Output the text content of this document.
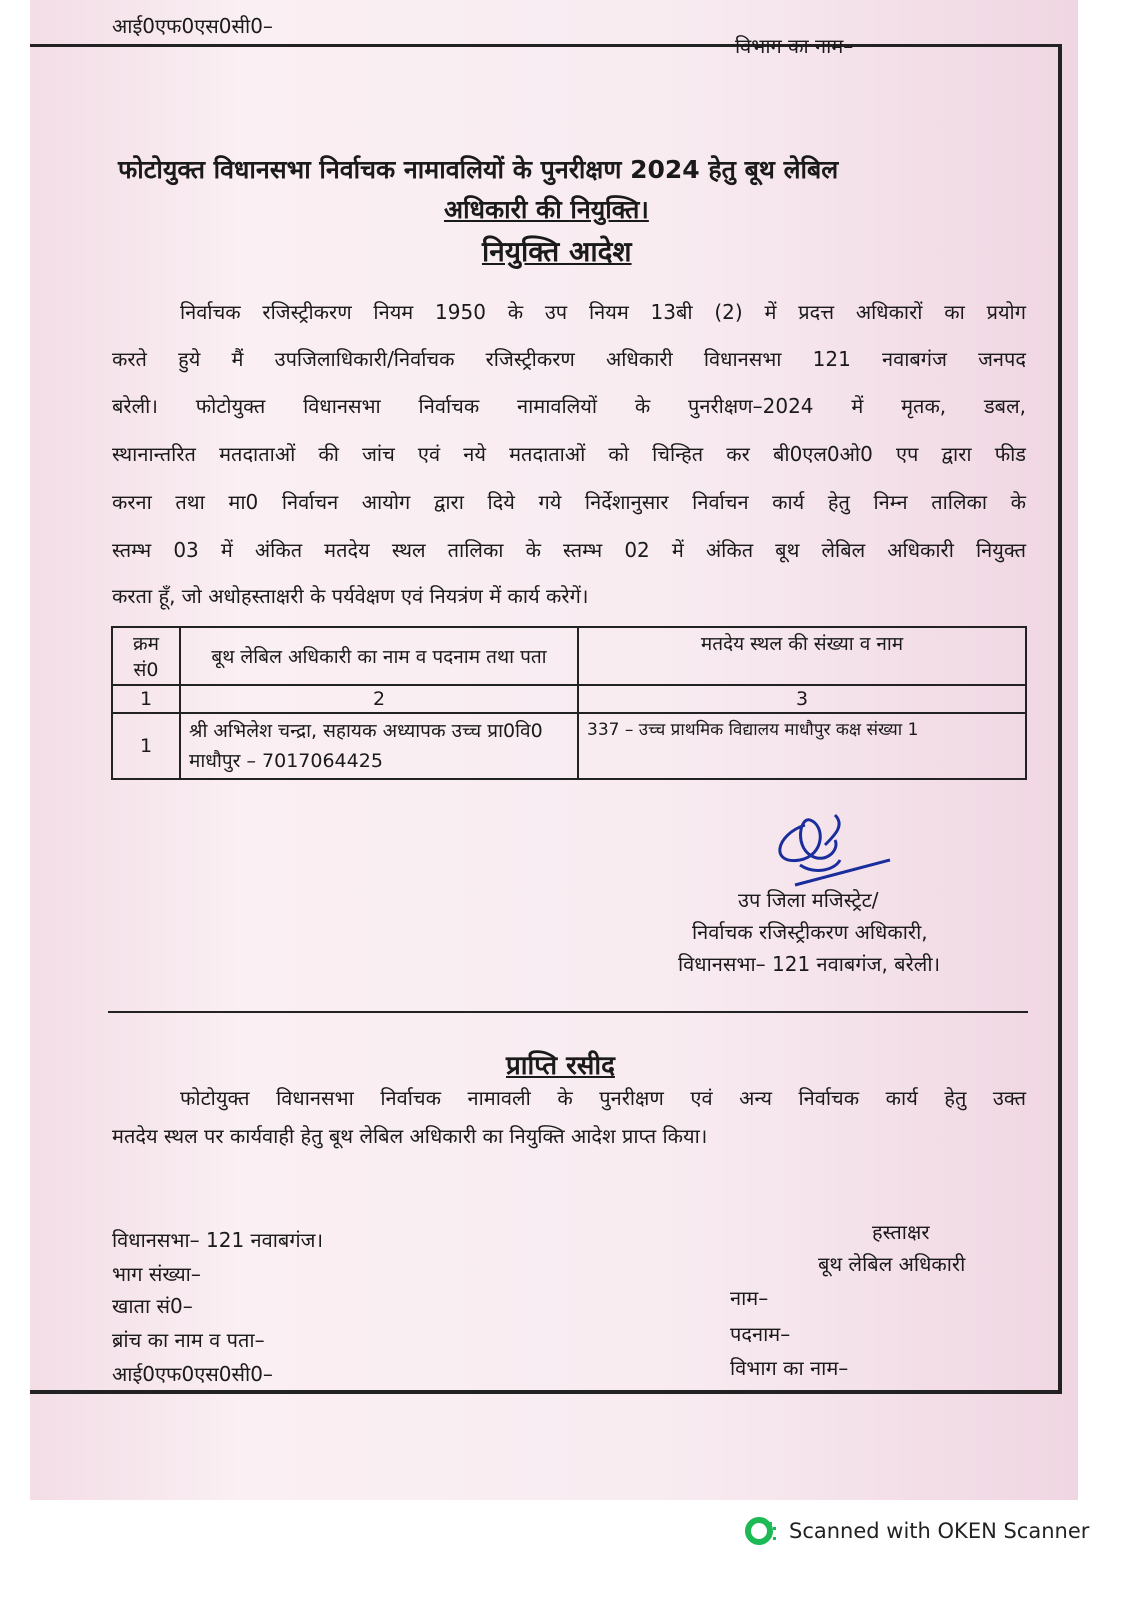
आई0एफ0एस0सी0–
विभाग का नाम–
फोटोयुक्त विधानसभा निर्वाचक नामावलियों के पुनरीक्षण 2024 हेतु बूथ लेबिल
अधिकारी की नियुक्ति।
नियुक्ति आदेश
निर्वाचक रजिस्ट्रीकरण नियम 1950 के उप नियम 13बी (2) में प्रदत्त अधिकारों का प्रयोग
करते हुये मैं उपजिलाधिकारी/निर्वाचक रजिस्ट्रीकरण अधिकारी विधानसभा 121 नवाबगंज जनपद
बरेली। फोटोयुक्त विधानसभा निर्वाचक नामावलियों के पुनरीक्षण–2024 में मृतक, डबल,
स्थानान्तरित मतदाताओं की जांच एवं नये मतदाताओं को चिन्हित कर बी0एल0ओ0 एप द्वारा फीड
करना तथा मा0 निर्वाचन आयोग द्वारा दिये गये निर्देशानुसार निर्वाचन कार्य हेतु निम्न तालिका के
स्तम्भ 03 में अंकित मतदेय स्थल तालिका के स्तम्भ 02 में अंकित बूथ लेबिल अधिकारी नियुक्त
करता हूँ, जो अधोहस्ताक्षरी के पर्यवेक्षण एवं नियत्रंण में कार्य करेगें।
क्रम सं0	बूथ लेबिल अधिकारी का नाम व पदनाम तथा पता	मतदेय स्थल की संख्या व नाम
1	2	3
1	श्री अभिलेश चन्द्रा, सहायक अध्यापक उच्च प्रा0वि0 माधौपुर – 7017064425	337 – उच्च प्राथमिक विद्यालय माधौपुर कक्ष संख्या 1
उप जिला मजिस्ट्रेट/
निर्वाचक रजिस्ट्रीकरण अधिकारी,
विधानसभा– 121 नवाबगंज, बरेली।
प्राप्ति रसीद
फोटोयुक्त विधानसभा निर्वाचक नामावली के पुनरीक्षण एवं अन्य निर्वाचक कार्य हेतु उक्त
मतदेय स्थल पर कार्यवाही हेतु बूथ लेबिल अधिकारी का नियुक्ति आदेश प्राप्त किया।
विधानसभा– 121 नवाबगंज।
भाग संख्या–
खाता सं0–
ब्रांच का नाम व पता–
आई0एफ0एस0सी0–
हस्ताक्षर
बूथ लेबिल अधिकारी
नाम–
पदनाम–
विभाग का नाम–
Scanned with OKEN Scanner
